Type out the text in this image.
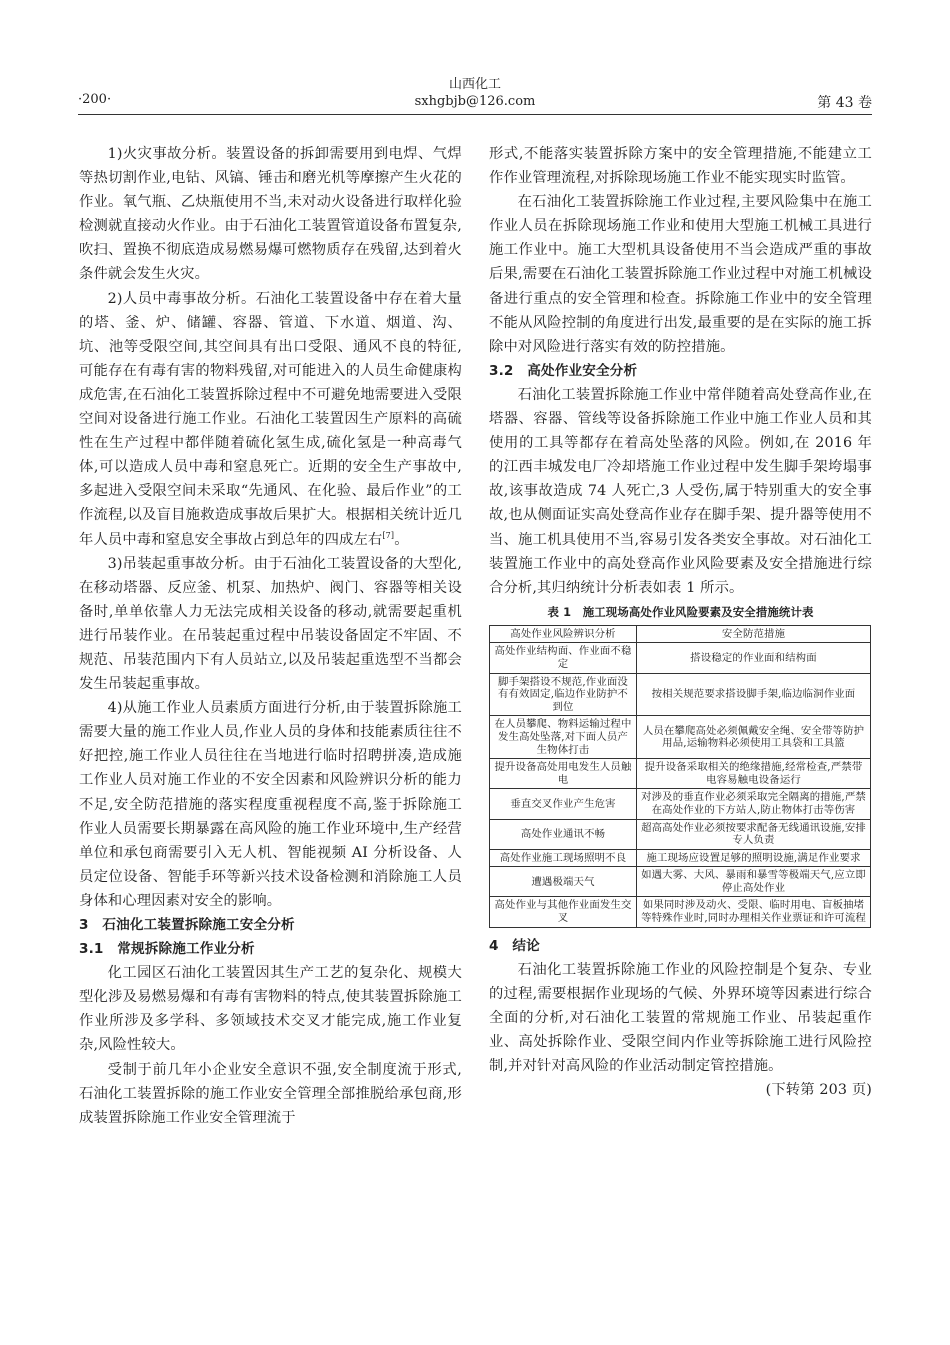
·200·
山西化工
sxhgbjb@126.com	第 43 卷

1)火灾事故分析。装置设备的拆卸需要用到电焊、气焊等热切割作业,电钻、风镐、锤击和磨光机等摩擦产生火花的作业。氧气瓶、乙炔瓶使用不当,未对动火设备进行取样化验检测就直接动火作业。由于石油化工装置管道设备布置复杂,吹扫、置换不彻底造成易燃易爆可燃物质存在残留,达到着火条件就会发生火灾。

2)人员中毒事故分析。石油化工装置设备中存在着大量的塔、釜、炉、储罐、容器、管道、下水道、烟道、沟、坑、池等受限空间,其空间具有出口受限、通风不良的特征,可能存在有毒有害的物料残留,对可能进入的人员生命健康构成危害,在石油化工装置拆除过程中不可避免地需要进入受限空间对设备进行施工作业。石油化工装置因生产原料的高硫性在生产过程中都伴随着硫化氢生成,硫化氢是一种高毒气体,可以造成人员中毒和窒息死亡。近期的安全生产事故中,多起进入受限空间未采取“先通风、在化验、最后作业”的工作流程,以及盲目施救造成事故后果扩大。根据相关统计近几年人员中毒和窒息安全事故占到总年的四成左右[7]。

3)吊装起重事故分析。由于石油化工装置设备的大型化,在移动塔器、反应釜、机泵、加热炉、阀门、容器等相关设备时,单单依靠人力无法完成相关设备的移动,就需要起重机进行吊装作业。在吊装起重过程中吊装设备固定不牢固、不规范、吊装范围内下有人员站立,以及吊装起重选型不当都会发生吊装起重事故。

4)从施工作业人员素质方面进行分析,由于装置拆除施工需要大量的施工作业人员,作业人员的身体和技能素质往往不好把控,施工作业人员往往在当地进行临时招聘拼凑,造成施工作业人员对施工作业的不安全因素和风险辨识分析的能力不足,安全防范措施的落实程度重视程度不高,鉴于拆除施工作业人员需要长期暴露在高风险的施工作业环境中,生产经营单位和承包商需要引入无人机、智能视频 AI 分析设备、人员定位设备、智能手环等新兴技术设备检测和消除施工人员身体和心理因素对安全的影响。

3　石油化工装置拆除施工安全分析
3.1　常规拆除施工作业分析

化工园区石油化工装置因其生产工艺的复杂化、规模大型化涉及易燃易爆和有毒有害物料的特点,使其装置拆除施工作业所涉及多学科、多领域技术交叉才能完成,施工作业复杂,风险性较大。

受制于前几年小企业安全意识不强,安全制度流于形式,石油化工装置拆除的施工作业安全管理全部推脱给承包商,形成装置拆除施工作业安全管理流于

形式,不能落实装置拆除方案中的安全管理措施,不能建立工作作业管理流程,对拆除现场施工作业不能实现实时监管。

在石油化工装置拆除施工作业过程,主要风险集中在施工作业人员在拆除现场施工作业和使用大型施工机械工具进行施工作业中。施工大型机具设备使用不当会造成严重的事故后果,需要在石油化工装置拆除施工作业过程中对施工机械设备进行重点的安全管理和检查。拆除施工作业中的安全管理不能从风险控制的角度进行出发,最重要的是在实际的施工拆除中对风险进行落实有效的防控措施。

3.2　高处作业安全分析

石油化工装置拆除施工作业中常伴随着高处登高作业,在塔器、容器、管线等设备拆除施工作业中施工作业人员和其使用的工具等都存在着高处坠落的风险。例如,在 2016 年的江西丰城发电厂冷却塔施工作业过程中发生脚手架垮塌事故,该事故造成 74 人死亡,3 人受伤,属于特别重大的安全事故,也从侧面证实高处登高作业存在脚手架、提升器等使用不当、施工机具使用不当,容易引发各类安全事故。对石油化工装置施工作业中的高处登高作业风险要素及安全措施进行综合分析,其归纳统计分析表如表 1 所示。

表 1　施工现场高处作业风险要素及安全措施统计表
高处作业风险辨识分析	安全防范措施
高处作业结构面、作业面不稳定	搭设稳定的作业面和结构面
脚手架搭设不规范,作业面没有有效固定,临边作业防护不到位	按相关规范要求搭设脚手架,临边临洞作业面
在人员攀爬、物料运输过程中发生高处坠落,对下面人员产生物体打击	人员在攀爬高处必须佩戴安全绳、安全带等防护用品,运输物料必须使用工具袋和工具篮
提升设备高处用电发生人员触电	提升设备采取相关的绝缘措施,经常检查,严禁带电容易触电设备运行
垂直交叉作业产生危害	对涉及的垂直作业必须采取完全隔离的措施,严禁在高处作业的下方站人,防止物体打击等伤害
高处作业通讯不畅	超高高处作业必须按要求配备无线通讯设施,安排专人负责
高处作业施工现场照明不良	施工现场应设置足够的照明设施,满足作业要求
遭遇极端天气	如遇大雾、大风、暴雨和暴雪等极端天气,应立即停止高处作业
高处作业与其他作业面发生交叉	如果同时涉及动火、受限、临时用电、盲板抽堵等特殊作业时,同时办理相关作业票证和许可流程
4　结论

石油化工装置拆除施工作业的风险控制是个复杂、专业的过程,需要根据作业现场的气候、外界环境等因素进行综合全面的分析,对石油化工装置的常规施工作业、吊装起重作业、高处拆除作业、受限空间内作业等拆除施工进行风险控制,并对针对高风险的作业活动制定管控措施。

(下转第 203 页)
